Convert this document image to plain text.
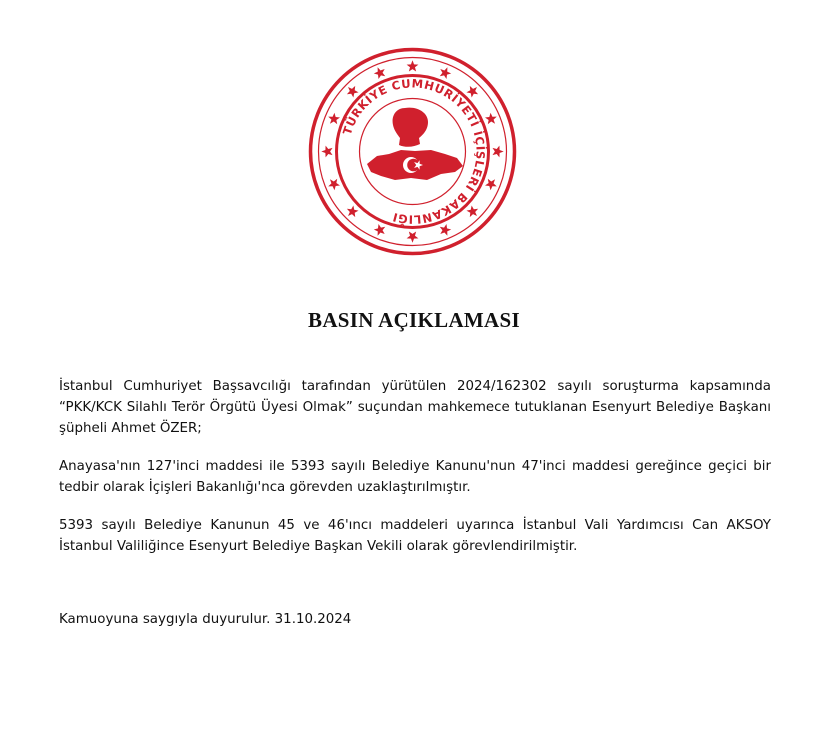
TÜRKİYE CUMHURİYETİ İÇİŞLERİ BAKANLIĞI
BASIN AÇIKLAMASI

İstanbul Cumhuriyet Başsavcılığı tarafından yürütülen 2024/162302 sayılı soruşturma kapsamında “PKK/KCK Silahlı Terör Örgütü Üyesi Olmak” suçundan mahkemece tutuklanan Esenyurt Belediye Başkanı şüpheli Ahmet ÖZER;

Anayasa'nın 127'inci maddesi ile 5393 sayılı Belediye Kanunu'nun 47'inci maddesi gereğince geçici bir tedbir olarak İçişleri Bakanlığı'nca görevden uzaklaştırılmıştır.

5393 sayılı Belediye Kanunun 45 ve 46'ıncı maddeleri uyarınca İstanbul Vali Yardımcısı Can AKSOY İstanbul Valiliğince Esenyurt Belediye Başkan Vekili olarak görevlendirilmiştir.

Kamuoyuna saygıyla duyurulur. 31.10.2024
